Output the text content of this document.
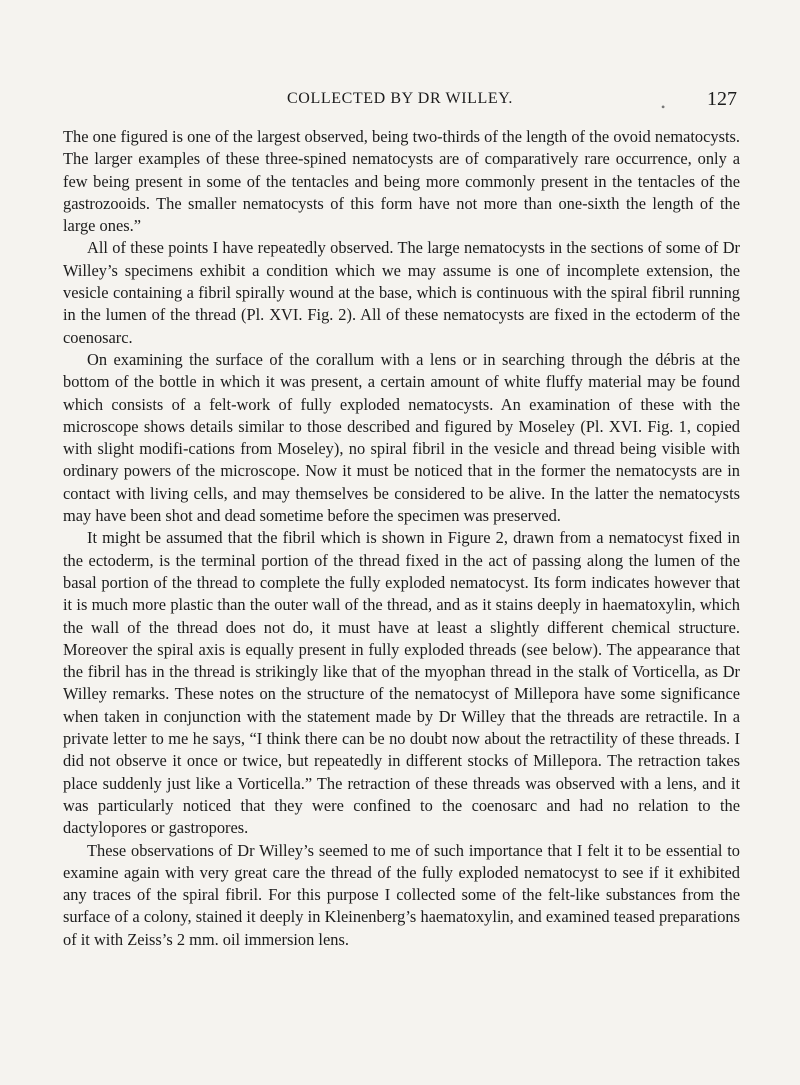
COLLECTED BY DR WILLEY.	• 127

The one figured is one of the largest observed, being two-thirds of the length of the ovoid nematocysts. The larger examples of these three-spined nematocysts are of comparatively rare occurrence, only a few being present in some of the tentacles and being more commonly present in the tentacles of the gastrozooids. The smaller nematocysts of this form have not more than one-sixth the length of the large ones.”

All of these points I have repeatedly observed. The large nematocysts in the sections of some of Dr Willey’s specimens exhibit a condition which we may assume is one of incomplete extension, the vesicle containing a fibril spirally wound at the base, which is continuous with the spiral fibril running in the lumen of the thread (Pl. XVI. Fig. 2). All of these nematocysts are fixed in the ectoderm of the coenosarc.

On examining the surface of the corallum with a lens or in searching through the débris at the bottom of the bottle in which it was present, a certain amount of white fluffy material may be found which consists of a felt-work of fully exploded nematocysts. An examination of these with the microscope shows details similar to those described and figured by Moseley (Pl. XVI. Fig. 1, copied with slight modifi-cations from Moseley), no spiral fibril in the vesicle and thread being visible with ordinary powers of the microscope. Now it must be noticed that in the former the nematocysts are in contact with living cells, and may themselves be considered to be alive. In the latter the nematocysts may have been shot and dead sometime before the specimen was preserved.

It might be assumed that the fibril which is shown in Figure 2, drawn from a nematocyst fixed in the ectoderm, is the terminal portion of the thread fixed in the act of passing along the lumen of the basal portion of the thread to complete the fully exploded nematocyst. Its form indicates however that it is much more plastic than the outer wall of the thread, and as it stains deeply in haematoxylin, which the wall of the thread does not do, it must have at least a slightly different chemical structure. Moreover the spiral axis is equally present in fully exploded threads (see below). The appearance that the fibril has in the thread is strikingly like that of the myophan thread in the stalk of Vorticella, as Dr Willey remarks. These notes on the structure of the nematocyst of Millepora have some significance when taken in conjunction with the statement made by Dr Willey that the threads are retractile. In a private letter to me he says, “I think there can be no doubt now about the retractility of these threads. I did not observe it once or twice, but repeatedly in different stocks of Millepora. The retraction takes place suddenly just like a Vorticella.” The retraction of these threads was observed with a lens, and it was particularly noticed that they were confined to the coenosarc and had no relation to the dactylopores or gastropores.

These observations of Dr Willey’s seemed to me of such importance that I felt it to be essential to examine again with very great care the thread of the fully exploded nematocyst to see if it exhibited any traces of the spiral fibril. For this purpose I collected some of the felt-like substances from the surface of a colony, stained it deeply in Kleinenberg’s haematoxylin, and examined teased preparations of it with Zeiss’s 2 mm. oil immersion lens.
